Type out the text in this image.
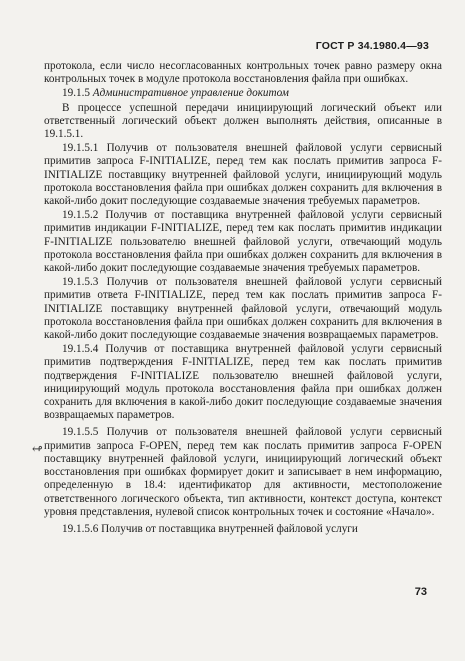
ГОСТ Р 34.1980.4—93

протокола, если число несогласованных контрольных точек равно размеру окна контрольных точек в модуле протокола восстановления файла при ошибках.

19.1.5 Административное управление докитом

В процессе успешной передачи инициирующий логический объект или ответственный логический объект должен выполнять действия, описанные в 19.1.5.1.

19.1.5.1 Получив от пользователя внешней файловой услуги сервисный примитив запроса F-INITIALIZE, перед тем как послать примитив запроса F-INITIALIZE поставщику внутренней файловой услуги, инициирующий модуль протокола восстановления файла при ошибках должен сохранить для включения в какой-либо докит последующие создаваемые значения требуемых параметров.

19.1.5.2 Получив от поставщика внутренней файловой услуги сервисный примитив индикации F-INITIALIZE, перед тем как послать примитив индикации F-INITIALIZE пользователю внешней файловой услуги, отвечающий модуль протокола восстановления файла при ошибках должен сохранить для включения в какой-либо докит последующие создаваемые значения требуемых параметров.

19.1.5.3 Получив от пользователя внешней файловой услуги сервисный примитив ответа F-INITIALIZE, перед тем как послать примитив запроса F-INITIALIZE поставщику внутренней файловой услуги, отвечающий модуль протокола восстановления файла при ошибках должен сохранить для включения в какой-либо докит последующие создаваемые значения возвращаемых параметров.

19.1.5.4 Получив от поставщика внутренней файловой услуги сервисный примитив подтверждения F-INITIALIZE, перед тем как послать примитив подтверждения F-INITIALIZE пользователю внешней файловой услуги, инициирующий модуль протокола восстановления файла при ошибках должен сохранить для включения в какой-либо докит последующие создаваемые значения возвращаемых параметров.

19.1.5.5 Получив от пользователя внешней файловой услуги сервисный примитив запроса F-OPEN, перед тем как послать примитив запроса F-OPEN поставщику внутренней файловой услуги, инициирующий логический объект восстановления при ошибках формирует докит и записывает в нем информацию, определенную в 18.4: идентификатор для активности, местоположение ответственного логического объекта, тип активности, контекст доступа, контекст уровня представления, нулевой список контрольных точек и состояние «Начало».

19.1.5.6 Получив от поставщика внутренней файловой услуги

↫
73
